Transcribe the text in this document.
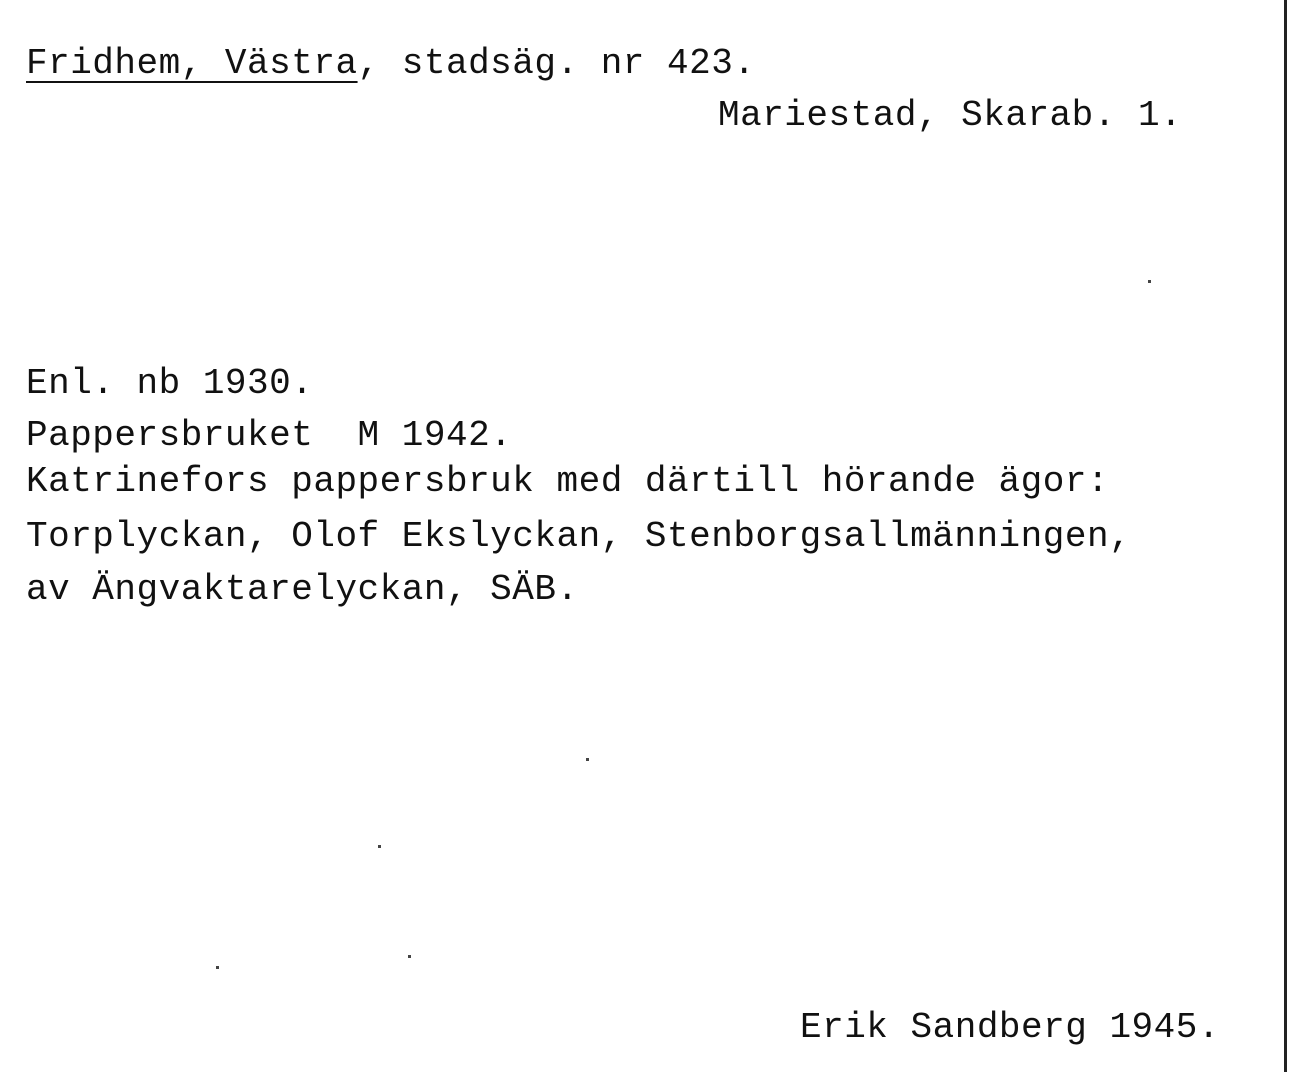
Fridhem, Västra, stadsäg. nr 423.
Mariestad, Skarab. 1.
Enl. nb 1930.
Pappersbruket  M 1942.
Katrinefors pappersbruk med därtill hörande ägor:
Torplyckan, Olof Ekslyckan, Stenborgsallmänningen,
av Ängvaktarelyckan, SÄB.
Erik Sandberg 1945.
